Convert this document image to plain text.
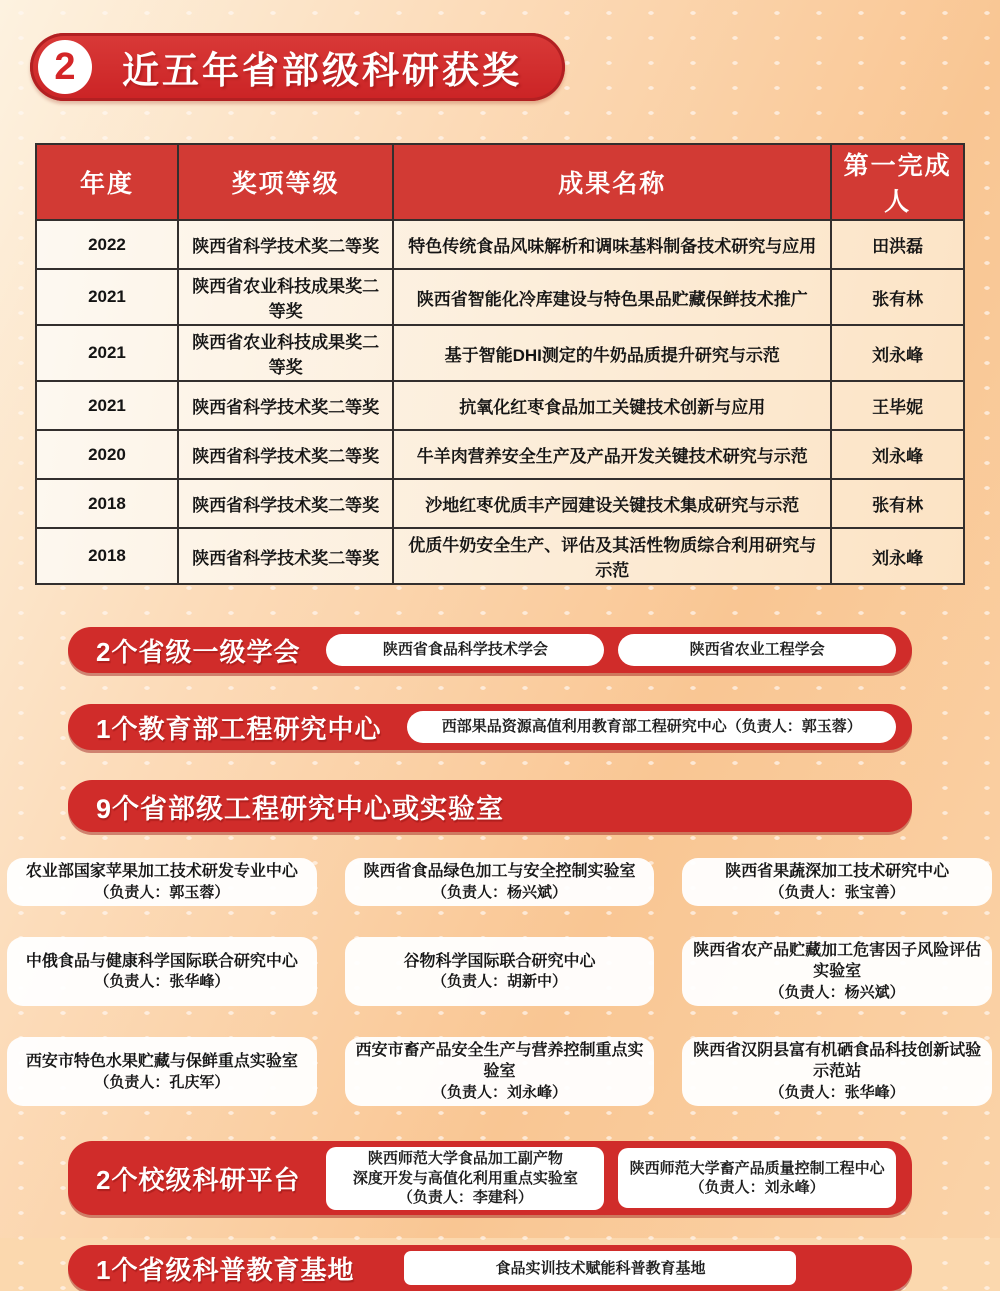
2 近五年省部级科研获奖
年度	奖项等级	成果名称	第一完成人
2022	陕西省科学技术奖二等奖	特色传统食品风味解析和调味基料制备技术研究与应用	田洪磊
2021	陕西省农业科技成果奖二等奖	陕西省智能化冷库建设与特色果品贮藏保鲜技术推广	张有林
2021	陕西省农业科技成果奖二等奖	基于智能DHI测定的牛奶品质提升研究与示范	刘永峰
2021	陕西省科学技术奖二等奖	抗氧化红枣食品加工关键技术创新与应用	王毕妮
2020	陕西省科学技术奖二等奖	牛羊肉营养安全生产及产品开发关键技术研究与示范	刘永峰
2018	陕西省科学技术奖二等奖	沙地红枣优质丰产园建设关键技术集成研究与示范	张有林
2018	陕西省科学技术奖二等奖	优质牛奶安全生产、评估及其活性物质综合利用研究与示范	刘永峰
2个省级一级学会	陕西省食品科学技术学会	陕西省农业工程学会
1个教育部工程研究中心	西部果品资源高值利用教育部工程研究中心（负责人：郭玉蓉）
9个省部级工程研究中心或实验室
农业部国家苹果加工技术研发专业中心
（负责人：郭玉蓉）
陕西省食品绿色加工与安全控制实验室
（负责人：杨兴斌）
陕西省果蔬深加工技术研究中心
（负责人：张宝善）
中俄食品与健康科学国际联合研究中心
（负责人：张华峰）
谷物科学国际联合研究中心
（负责人：胡新中）
陕西省农产品贮藏加工危害因子风险评估实验室
（负责人：杨兴斌）
西安市特色水果贮藏与保鲜重点实验室
（负责人：孔庆军）
西安市畜产品安全生产与营养控制重点实验室
（负责人：刘永峰）
陕西省汉阴县富有机硒食品科技创新试验示范站
（负责人：张华峰）
2个校级科研平台
陕西师范大学食品加工副产物
深度开发与高值化利用重点实验室
（负责人：李建科）
陕西师范大学畜产品质量控制工程中心
（负责人：刘永峰）
1个省级科普教育基地	食品实训技术赋能科普教育基地
